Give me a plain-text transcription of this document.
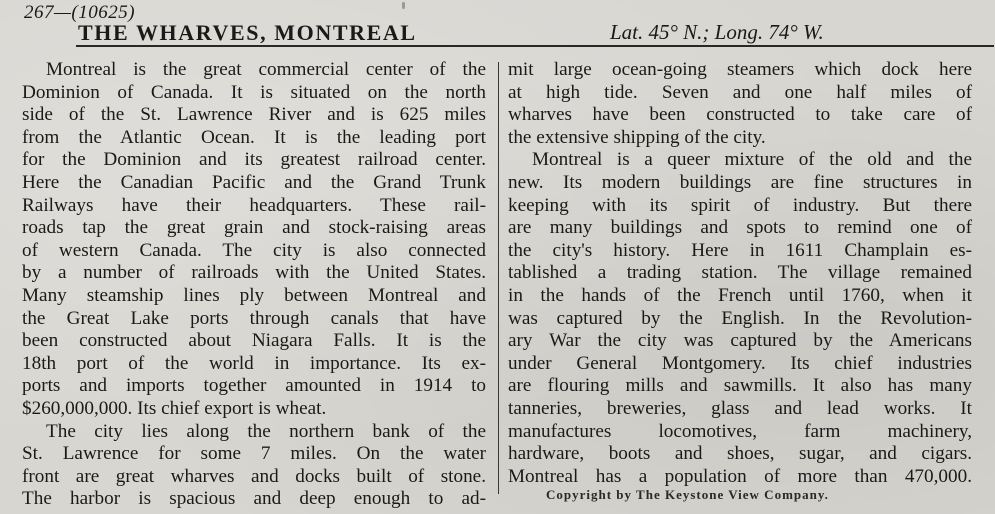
267—(10625)
THE WHARVES, MONTREAL	Lat. 45° N.; Long. 74° W.
Montreal is the great commercial center of the
Dominion of Canada. It is situated on the north
side of the St. Lawrence River and is 625 miles
from the Atlantic Ocean. It is the leading port
for the Dominion and its greatest railroad center.
Here the Canadian Pacific and the Grand Trunk
Railways have their headquarters. These rail-
roads tap the great grain and stock-raising areas
of western Canada. The city is also connected
by a number of railroads with the United States.
Many steamship lines ply between Montreal and
the Great Lake ports through canals that have
been constructed about Niagara Falls. It is the
18th port of the world in importance. Its ex-
ports and imports together amounted in 1914 to
$260,000,000. Its chief export is wheat.
The city lies along the northern bank of the
St. Lawrence for some 7 miles. On the water
front are great wharves and docks built of stone.
The harbor is spacious and deep enough to ad-
mit large ocean-going steamers which dock here
at high tide. Seven and one half miles of
wharves have been constructed to take care of
the extensive shipping of the city.
Montreal is a queer mixture of the old and the
new. Its modern buildings are fine structures in
keeping with its spirit of industry. But there
are many buildings and spots to remind one of
the city's history. Here in 1611 Champlain es-
tablished a trading station. The village remained
in the hands of the French until 1760, when it
was captured by the English. In the Revolution-
ary War the city was captured by the Americans
under General Montgomery. Its chief industries
are flouring mills and sawmills. It also has many
tanneries, breweries, glass and lead works. It
manufactures locomotives, farm machinery,
hardware, boots and shoes, sugar, and cigars.
Montreal has a population of more than 470,000.
Copyright by The Keystone View Company.
